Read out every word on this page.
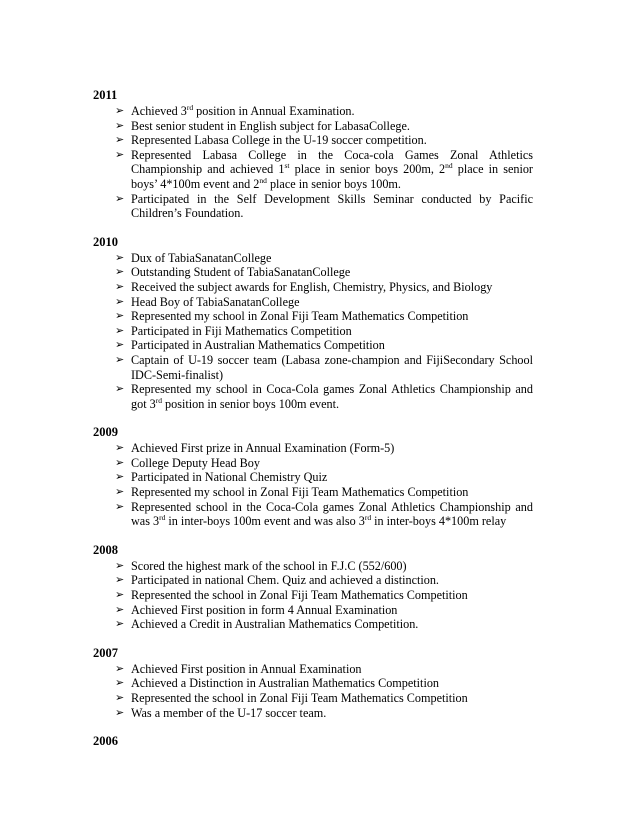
2011
➢ Achieved 3rd position in Annual Examination.
➢ Best senior student in English subject for LabasaCollege.
➢ Represented Labasa College in the U-19 soccer competition.
➢ Represented Labasa College in the Coca-cola Games Zonal Athletics Championship and achieved 1st place in senior boys 200m, 2nd place in senior boys’ 4*100m event and 2nd place in senior boys 100m.
➢ Participated in the Self Development Skills Seminar conducted by Pacific Children’s Foundation.
2010
➢ Dux of TabiaSanatanCollege
➢ Outstanding Student of TabiaSanatanCollege
➢ Received the subject awards for English, Chemistry, Physics, and Biology
➢ Head Boy of TabiaSanatanCollege
➢ Represented my school in Zonal Fiji Team Mathematics Competition
➢ Participated in Fiji Mathematics Competition
➢ Participated in Australian Mathematics Competition
➢ Captain of U-19 soccer team (Labasa zone-champion and FijiSecondary School IDC-Semi-finalist)
➢ Represented my school in Coca-Cola games Zonal Athletics Championship and got 3rd position in senior boys 100m event.
2009
➢ Achieved First prize in Annual Examination (Form-5)
➢ College Deputy Head Boy
➢ Participated in National Chemistry Quiz
➢ Represented my school in Zonal Fiji Team Mathematics Competition
➢ Represented school in the Coca-Cola games Zonal Athletics Championship and was 3rd in inter-boys 100m event and was also 3rd in inter-boys 4*100m relay
2008
➢ Scored the highest mark of the school in F.J.C (552/600)
➢ Participated in national Chem. Quiz and achieved a distinction.
➢ Represented the school in Zonal Fiji Team Mathematics Competition
➢ Achieved First position in form 4 Annual Examination
➢ Achieved a Credit in Australian Mathematics Competition.
2007
➢ Achieved First position in Annual Examination
➢ Achieved a Distinction in Australian Mathematics Competition
➢ Represented the school in Zonal Fiji Team Mathematics Competition
➢ Was a member of the U-17 soccer team.
2006
